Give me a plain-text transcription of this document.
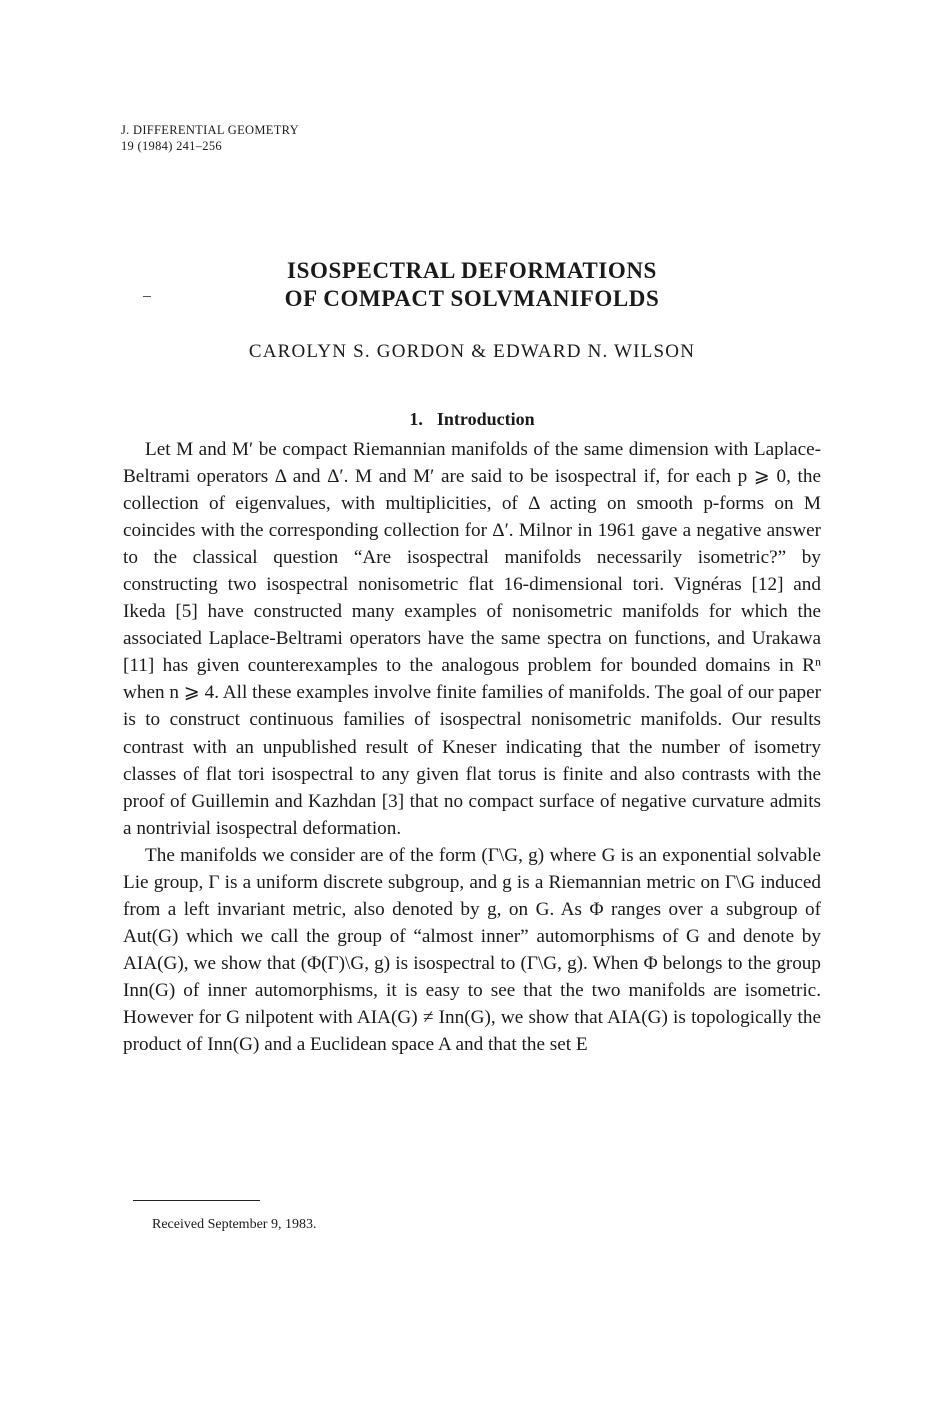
J. DIFFERENTIAL GEOMETRY
19 (1984) 241–256
ISOSPECTRAL DEFORMATIONS
OF COMPACT SOLVMANIFOLDS
CAROLYN S. GORDON & EDWARD N. WILSON
1. Introduction

Let M and M′ be compact Riemannian manifolds of the same dimension with Laplace-Beltrami operators Δ and Δ′. M and M′ are said to be isospectral if, for each p ⩾ 0, the collection of eigenvalues, with multiplicities, of Δ acting on smooth p-forms on M coincides with the corresponding collection for Δ′. Milnor in 1961 gave a negative answer to the classical question “Are isospectral manifolds necessarily isometric?” by constructing two isospectral nonisometric flat 16-dimensional tori. Vignéras [12] and Ikeda [5] have constructed many examples of nonisometric manifolds for which the associated Laplace-Beltrami operators have the same spectra on functions, and Urakawa [11] has given counterexamples to the analogous problem for bounded domains in Rⁿ when n ⩾ 4. All these examples involve finite families of manifolds. The goal of our paper is to construct continuous families of isospectral nonisometric manifolds. Our results contrast with an unpublished result of Kneser indicating that the number of isometry classes of flat tori isospectral to any given flat torus is finite and also contrasts with the proof of Guillemin and Kazhdan [3] that no compact surface of negative curvature admits a nontrivial isospectral deformation.

The manifolds we consider are of the form (Γ\G, g) where G is an exponential solvable Lie group, Γ is a uniform discrete subgroup, and g is a Riemannian metric on Γ\G induced from a left invariant metric, also denoted by g, on G. As Φ ranges over a subgroup of Aut(G) which we call the group of “almost inner” automorphisms of G and denote by AIA(G), we show that (Φ(Γ)\G, g) is isospectral to (Γ\G, g). When Φ belongs to the group Inn(G) of inner automorphisms, it is easy to see that the two manifolds are isometric. However for G nilpotent with AIA(G) ≠ Inn(G), we show that AIA(G) is topologically the product of Inn(G) and a Euclidean space A and that the set E

Received September 9, 1983.
